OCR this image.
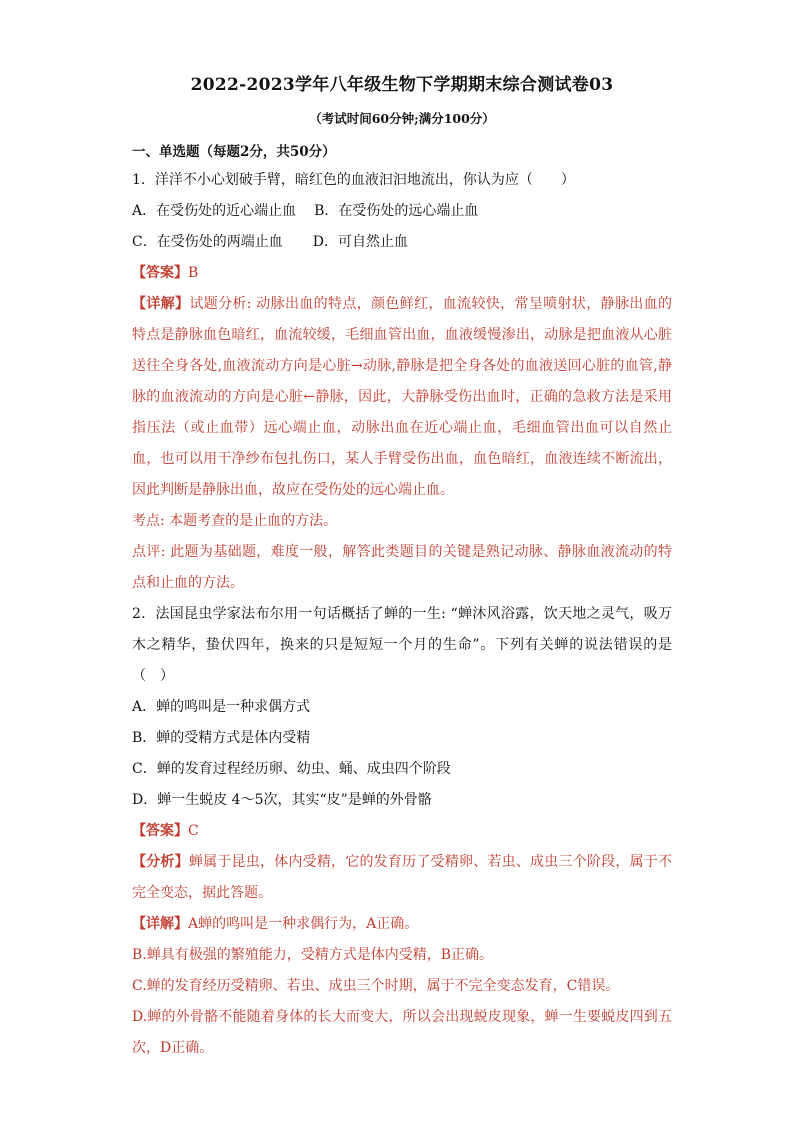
2022-2023学年八年级生物下学期期末综合测试卷03
（考试时间60分钟;满分100分）
一、单选题（每题2分，共50分）

1．洋洋不小心划破手臂，暗红色的血液汩汩地流出，你认为应（　　）

A．在受伤处的近心端止血 B．在受伤处的远心端止血

C．在受伤处的两端止血 D．可自然止血

【答案】B

【详解】试题分析: 动脉出血的特点，颜色鲜红，血流较快，常呈喷射状，静脉出血的特点是静脉血色暗红，血流较缓，毛细血管出血，血液缓慢渗出，动脉是把血液从心脏送往全身各处,血液流动方向是心脏→动脉,静脉是把全身各处的血液送回心脏的血管,静脉的血液流动的方向是心脏←静脉，因此，大静脉受伤出血时，正确的急救方法是采用指压法（或止血带）远心端止血，动脉出血在近心端止血，毛细血管出血可以自然止血，也可以用干净纱布包扎伤口，某人手臂受伤出血，血色暗红，血液连续不断流出，因此判断是静脉出血，故应在受伤处的远心端止血。

考点: 本题考查的是止血的方法。

点评: 此题为基础题，难度一般，解答此类题目的关键是熟记动脉、静脉血液流动的特点和止血的方法。

2．法国昆虫学家法布尔用一句话概括了蝉的一生: “蝉沐风浴露，饮天地之灵气，吸万木之精华，蛰伏四年，换来的只是短短一个月的生命”。下列有关蝉的说法错误的是（　）

A．蝉的鸣叫是一种求偶方式

B．蝉的受精方式是体内受精

C．蝉的发育过程经历卵、幼虫、蛹、成虫四个阶段

D．蝉一生蜕皮 4～5次，其实“皮”是蝉的外骨骼

【答案】C

【分析】蝉属于昆虫，体内受精，它的发育历了受精卵、若虫、成虫三个阶段，属于不完全变态，据此答题。

【详解】A蝉的鸣叫是一种求偶行为，A正确。

B.蝉具有极强的繁殖能力，受精方式是体内受精，B正确。

C.蝉的发育经历受精卵、若虫、成虫三个时期，属于不完全变态发育，C错误。

D.蝉的外骨骼不能随着身体的长大而变大，所以会出现蜕皮现象，蝉一生要蜕皮四到五次，D正确。
